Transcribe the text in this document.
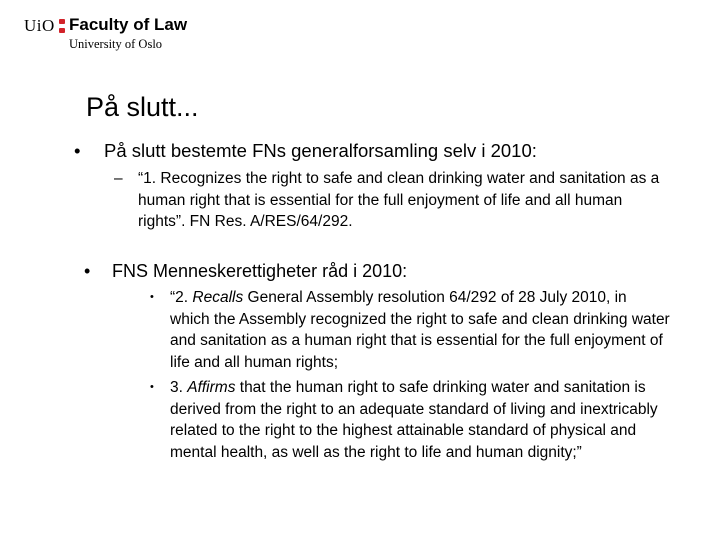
UiO Faculty of Law
University of Oslo
På slutt...
• På slutt bestemte FNs generalforsamling selv i 2010:
– “1. Recognizes the right to safe and clean drinking water and sanitation as a human right that is essential for the full enjoyment of life and all human rights”. FN Res. A/RES/64/292.
• FNS Menneskerettigheter råd i 2010:
• “2. Recalls General Assembly resolution 64/292 of 28 July 2010, in which the Assembly recognized the right to safe and clean drinking water and sanitation as a human right that is essential for the full enjoyment of life and all human rights;
• 3. Affirms that the human right to safe drinking water and sanitation is derived from the right to an adequate standard of living and inextricably related to the right to the highest attainable standard of physical and mental health, as well as the right to life and human dignity;”
